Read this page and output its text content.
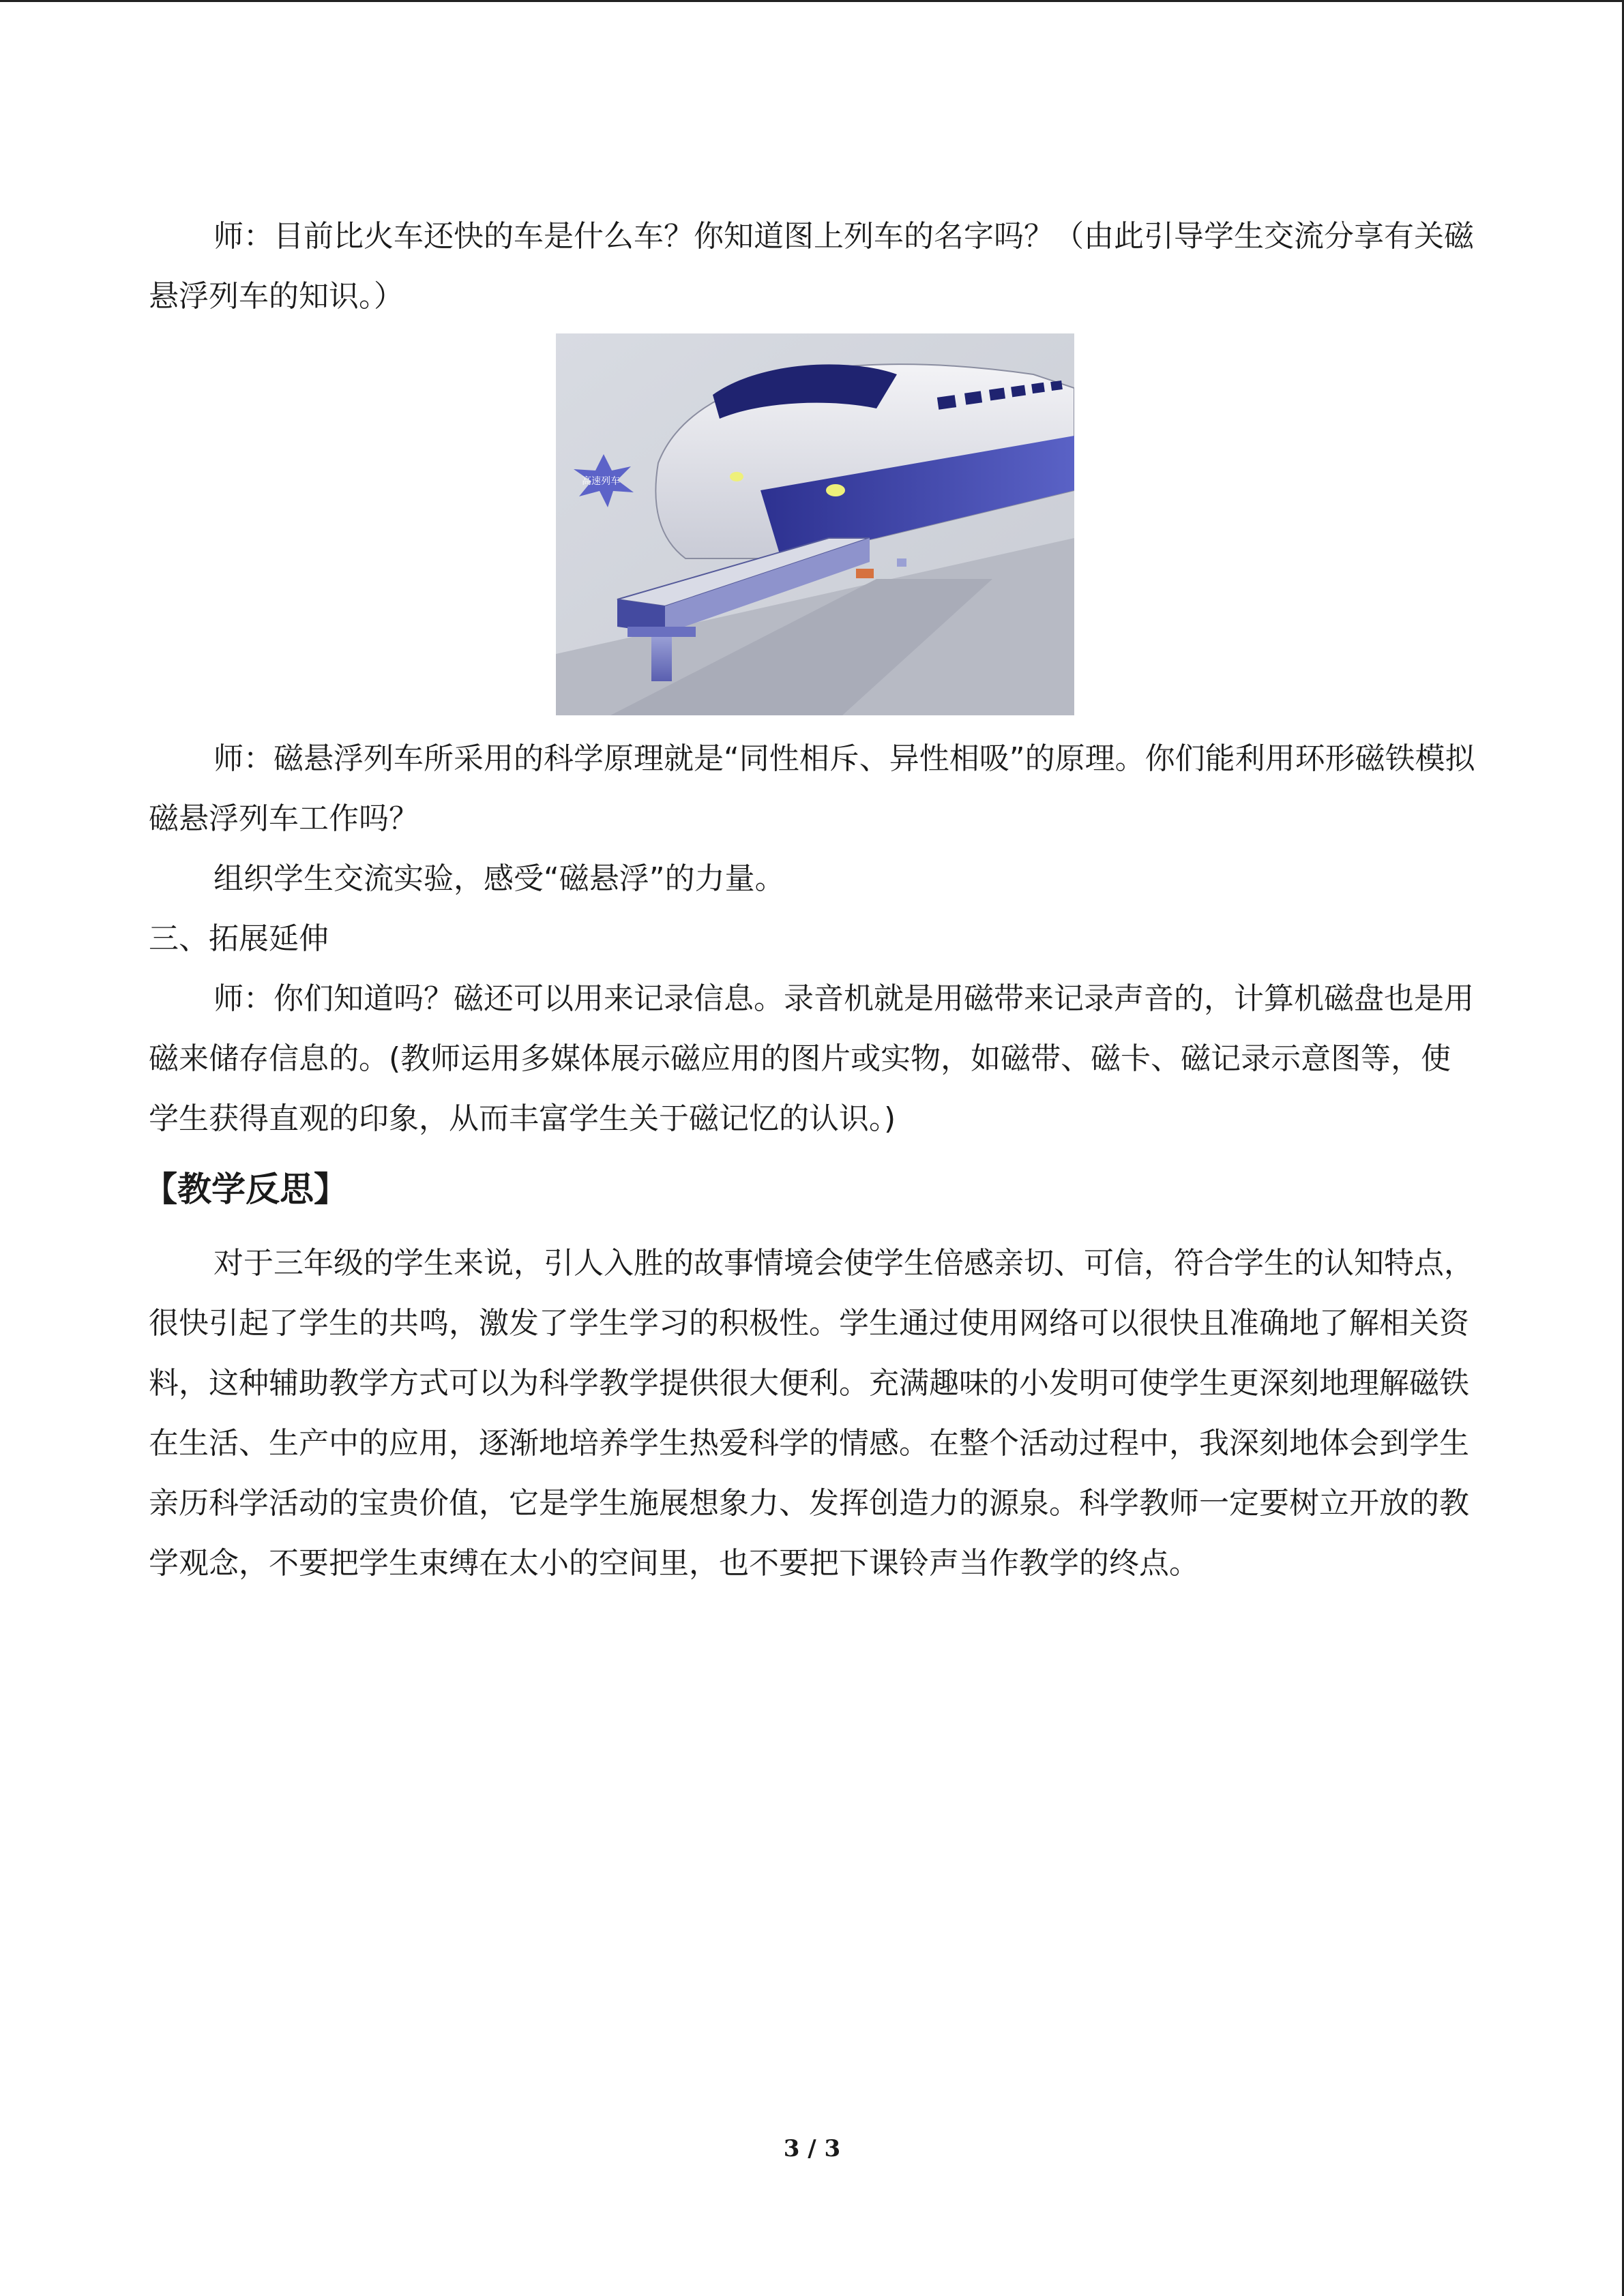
师：目前比火车还快的车是什么车？你知道图上列车的名字吗？（由此引导学生交流分享有关磁悬浮列车的知识。）

高速列车

师：磁悬浮列车所采用的科学原理就是“同性相斥、异性相吸”的原理。你们能利用环形磁铁模拟磁悬浮列车工作吗？

组织学生交流实验，感受“磁悬浮”的力量。

三、拓展延伸

师：你们知道吗？磁还可以用来记录信息。录音机就是用磁带来记录声音的，计算机磁盘也是用磁来储存信息的。(教师运用多媒体展示磁应用的图片或实物，如磁带、磁卡、磁记录示意图等，使学生获得直观的印象，从而丰富学生关于磁记忆的认识。)

【教学反思】

对于三年级的学生来说，引人入胜的故事情境会使学生倍感亲切、可信，符合学生的认知特点，很快引起了学生的共鸣，激发了学生学习的积极性。学生通过使用网络可以很快且准确地了解相关资料，这种辅助教学方式可以为科学教学提供很大便利。充满趣味的小发明可使学生更深刻地理解磁铁在生活、生产中的应用，逐渐地培养学生热爱科学的情感。在整个活动过程中，我深刻地体会到学生亲历科学活动的宝贵价值，它是学生施展想象力、发挥创造力的源泉。科学教师一定要树立开放的教学观念，不要把学生束缚在太小的空间里，也不要把下课铃声当作教学的终点。

3 / 3
